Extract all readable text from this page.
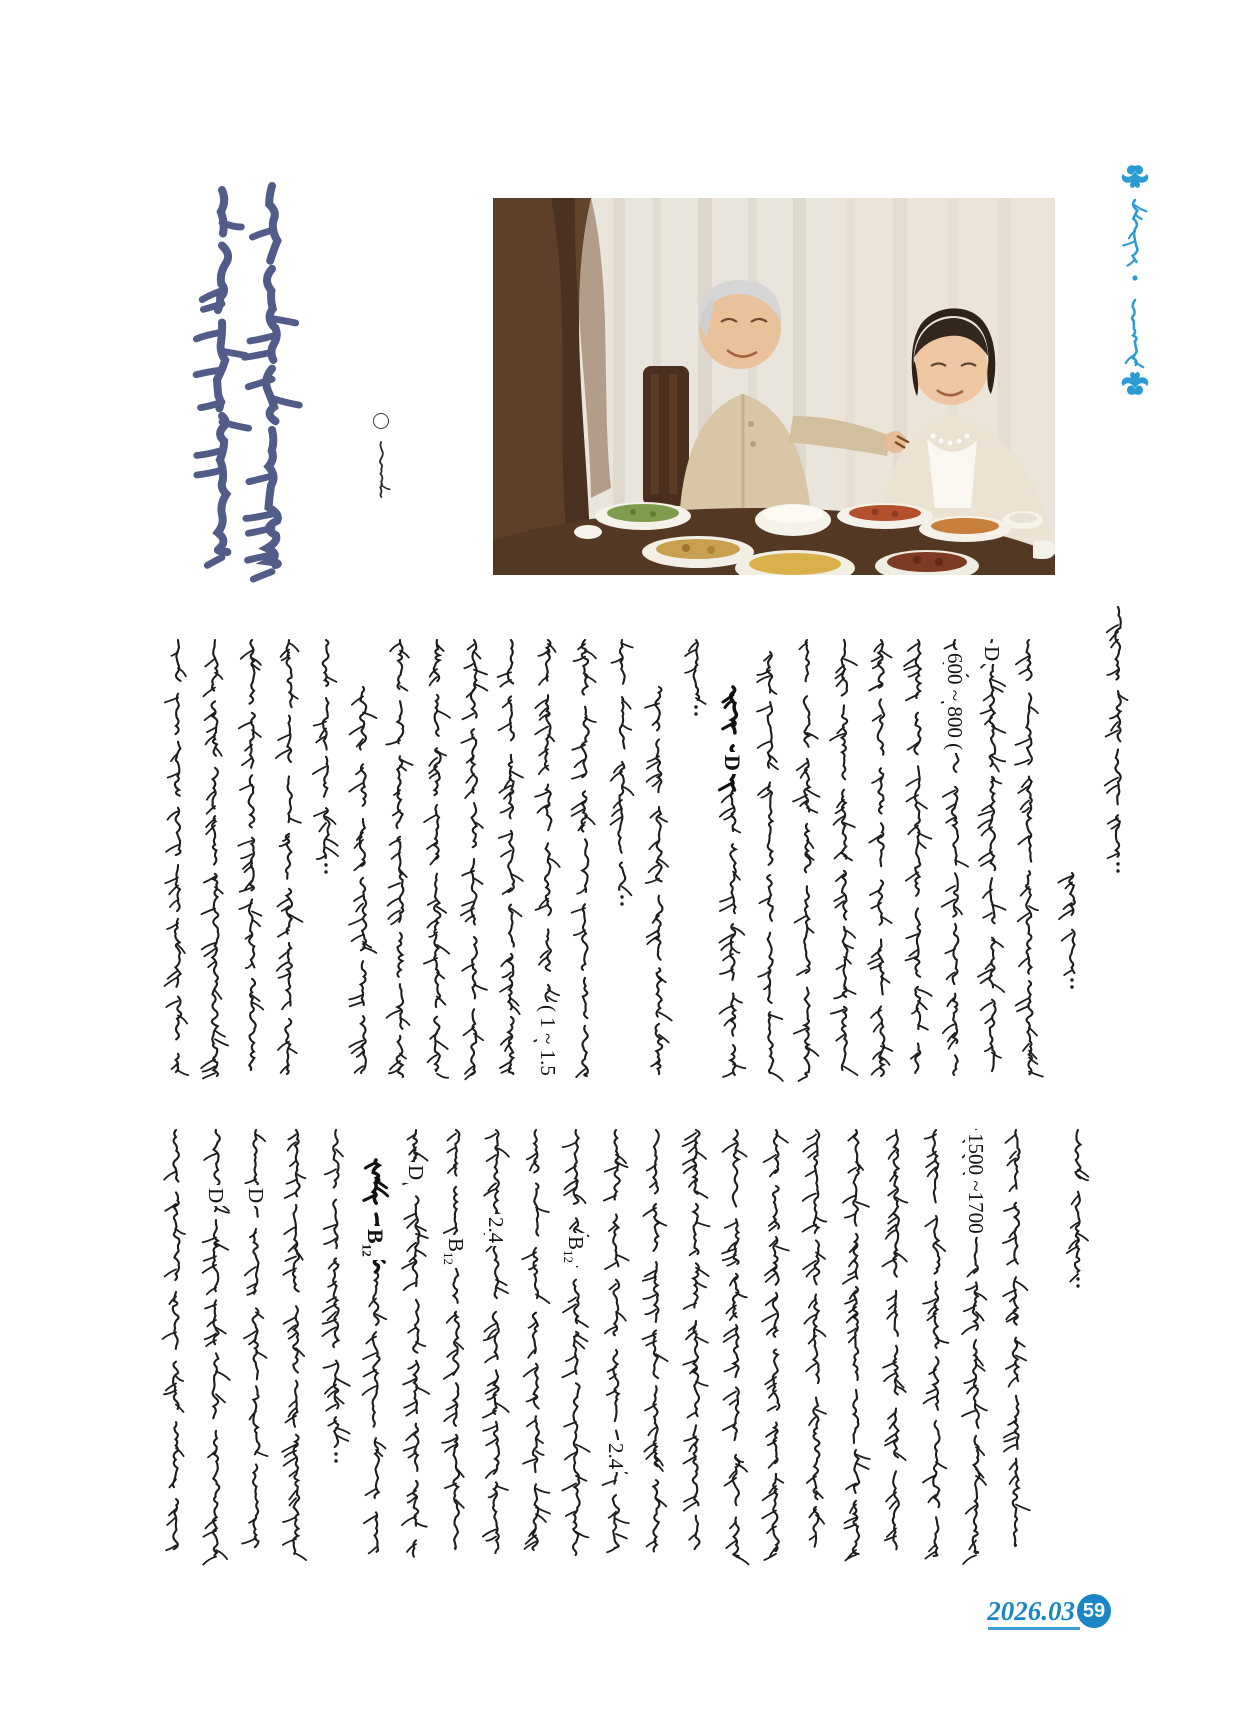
2026.03 59
( 1 ~ 1.5
D
600 ~ 800 ( D
D D
$B_{12}$
D
$B_{12}$
2.4	$B_{12}$
2.4
1500 ~1700
